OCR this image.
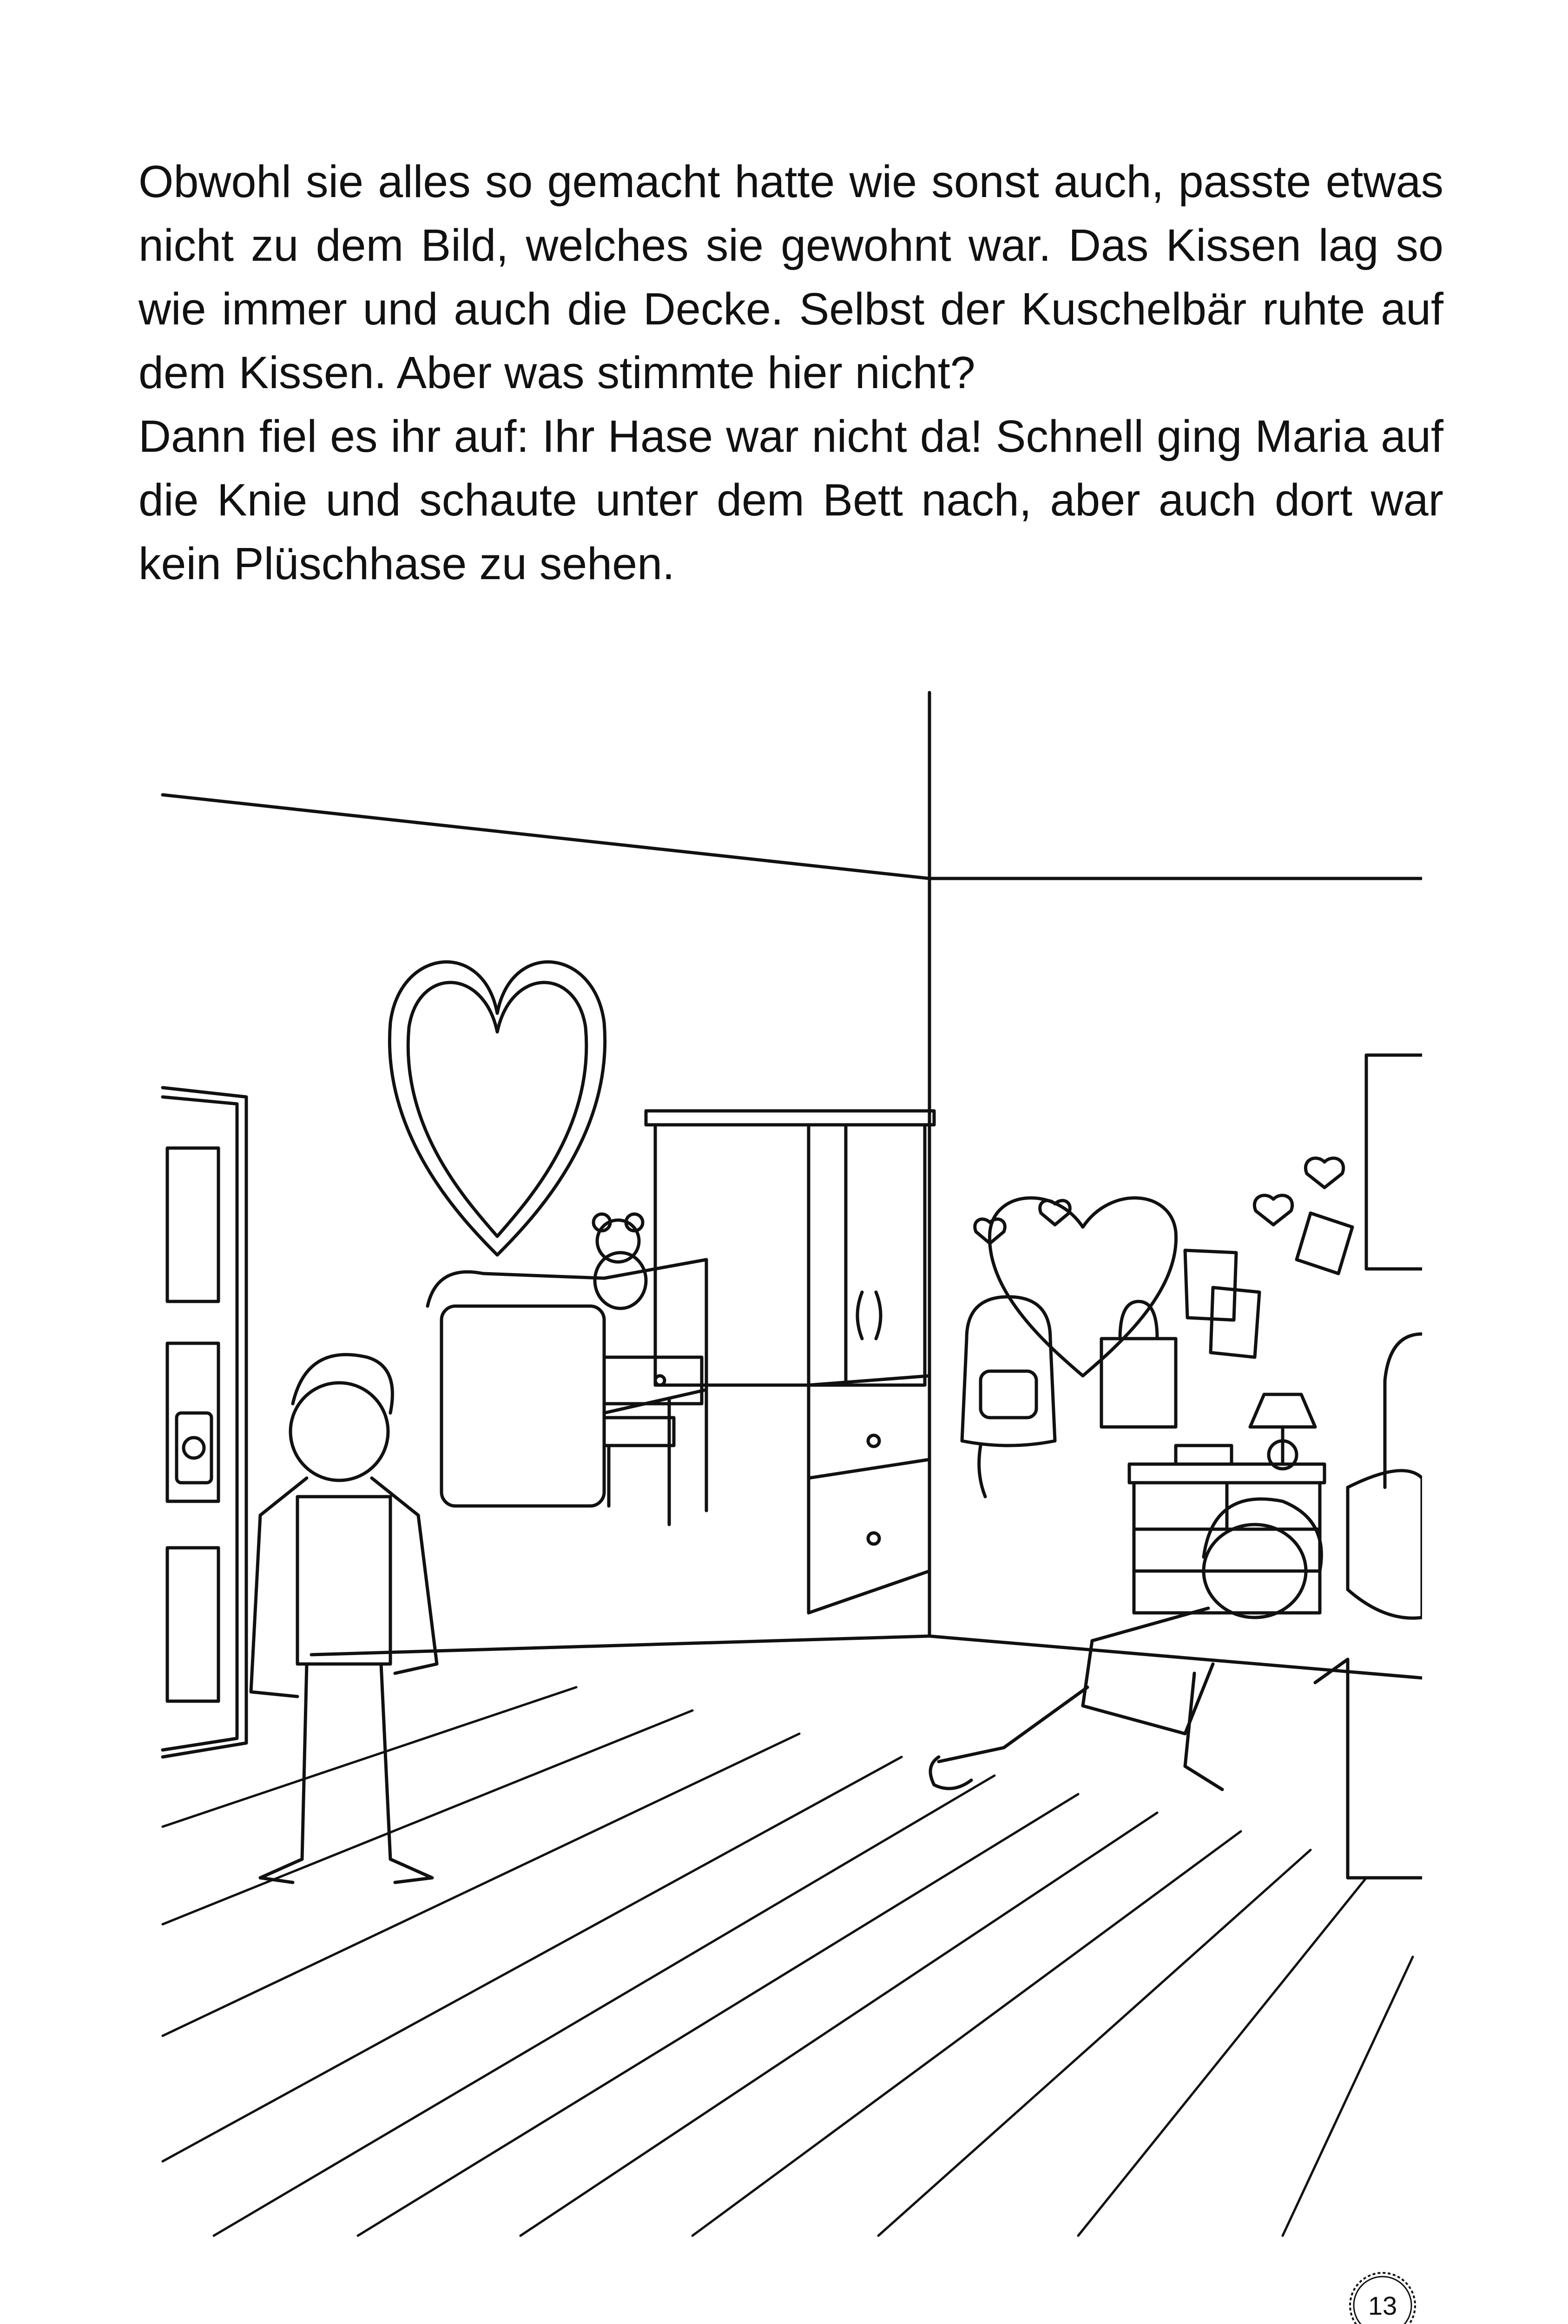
Obwohl sie alles so gemacht hatte wie sonst auch, passte etwas nicht zu dem Bild, welches sie gewohnt war. Das Kissen lag so wie immer und auch die Decke. Selbst der Kuschelbär ruhte auf dem Kissen. Aber was stimmte hier nicht?

Dann fiel es ihr auf: Ihr Hase war nicht da! Schnell ging Maria auf die Knie und schaute unter dem Bett nach, aber auch dort war kein Plüschhase zu sehen.

13
